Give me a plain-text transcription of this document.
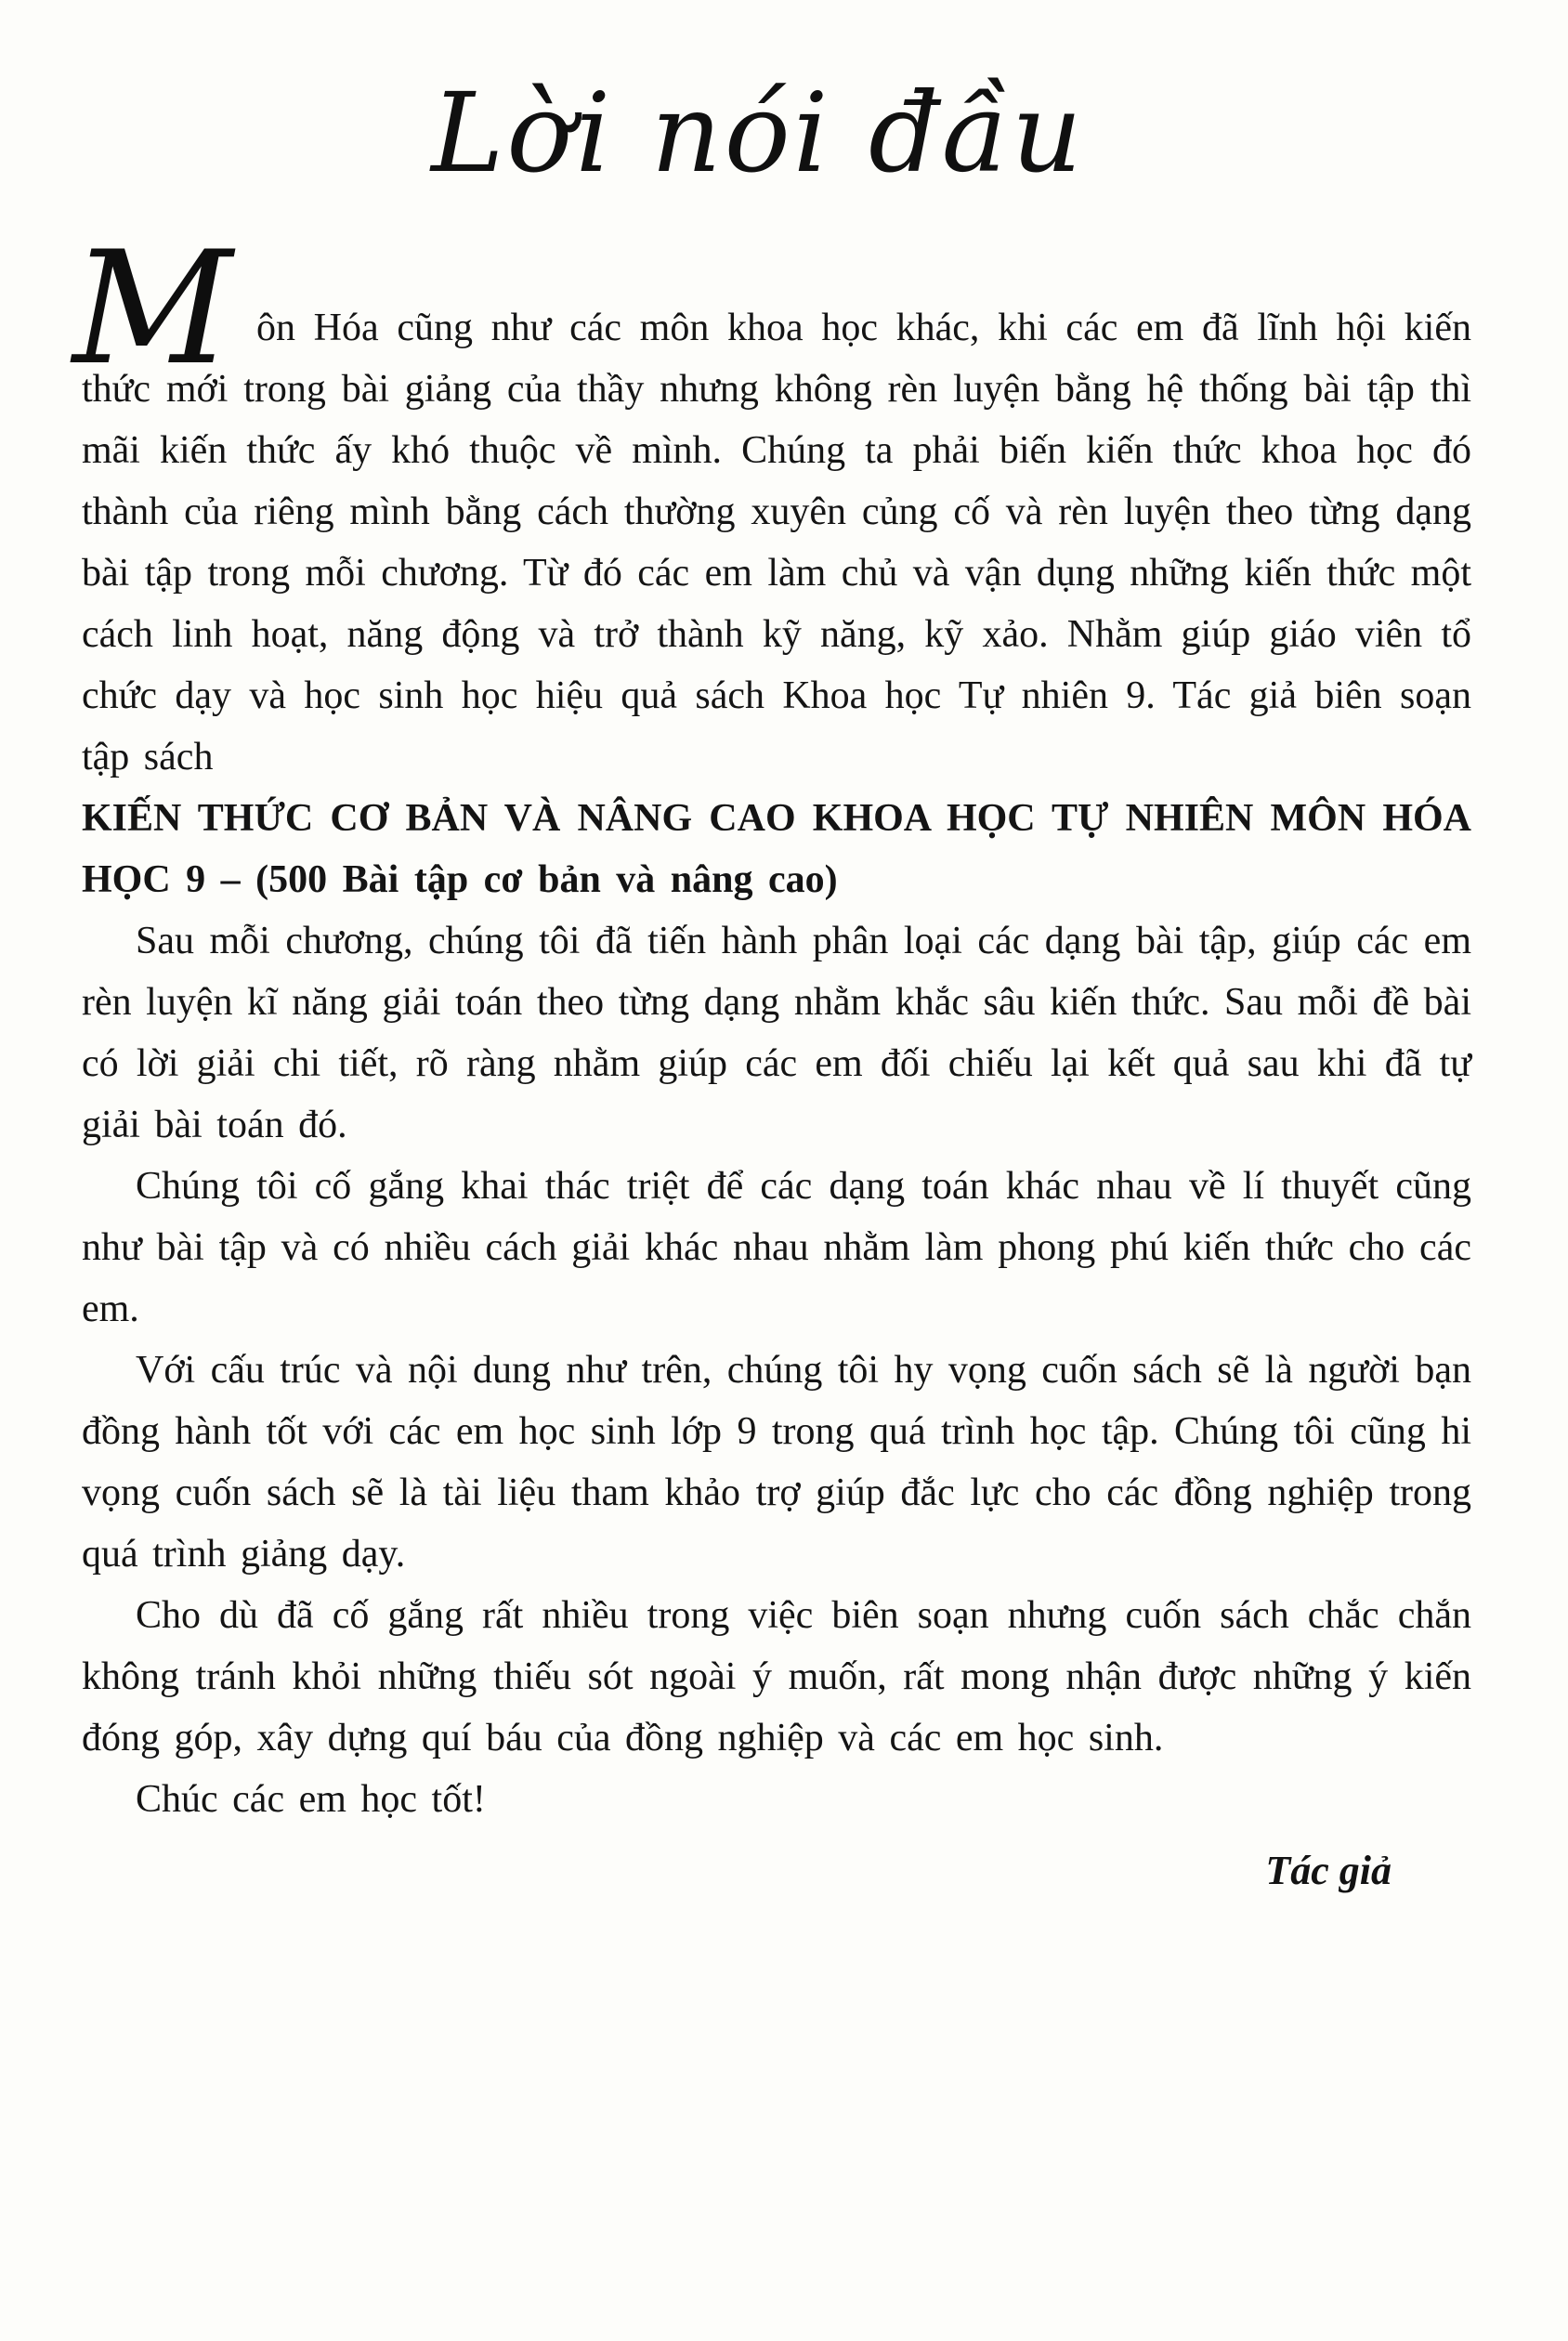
Lời nói đầu

M ôn Hóa cũng như các môn khoa học khác, khi các em đã lĩnh hội kiến thức mới trong bài giảng của thầy nhưng không rèn luyện bằng hệ thống bài tập thì mãi kiến thức ấy khó thuộc về mình. Chúng ta phải biến kiến thức khoa học đó thành của riêng mình bằng cách thường xuyên củng cố và rèn luyện theo từng dạng bài tập trong mỗi chương. Từ đó các em làm chủ và vận dụng những kiến thức một cách linh hoạt, năng động và trở thành kỹ năng, kỹ xảo. Nhằm giúp giáo viên tổ chức dạy và học sinh học hiệu quả sách Khoa học Tự nhiên 9. Tác giả biên soạn tập sách

KIẾN THỨC CƠ BẢN VÀ NÂNG CAO KHOA HỌC TỰ NHIÊN MÔN HÓA HỌC 9 – (500 Bài tập cơ bản và nâng cao)

Sau mỗi chương, chúng tôi đã tiến hành phân loại các dạng bài tập, giúp các em rèn luyện kĩ năng giải toán theo từng dạng nhằm khắc sâu kiến thức. Sau mỗi đề bài có lời giải chi tiết, rõ ràng nhằm giúp các em đối chiếu lại kết quả sau khi đã tự giải bài toán đó.

Chúng tôi cố gắng khai thác triệt để các dạng toán khác nhau về lí thuyết cũng như bài tập và có nhiều cách giải khác nhau nhằm làm phong phú kiến thức cho các em.

Với cấu trúc và nội dung như trên, chúng tôi hy vọng cuốn sách sẽ là người bạn đồng hành tốt với các em học sinh lớp 9 trong quá trình học tập. Chúng tôi cũng hi vọng cuốn sách sẽ là tài liệu tham khảo trợ giúp đắc lực cho các đồng nghiệp trong quá trình giảng dạy.

Cho dù đã cố gắng rất nhiều trong việc biên soạn nhưng cuốn sách chắc chắn không tránh khỏi những thiếu sót ngoài ý muốn, rất mong nhận được những ý kiến đóng góp, xây dựng quí báu của đồng nghiệp và các em học sinh.

Chúc các em học tốt!

Tác giả
